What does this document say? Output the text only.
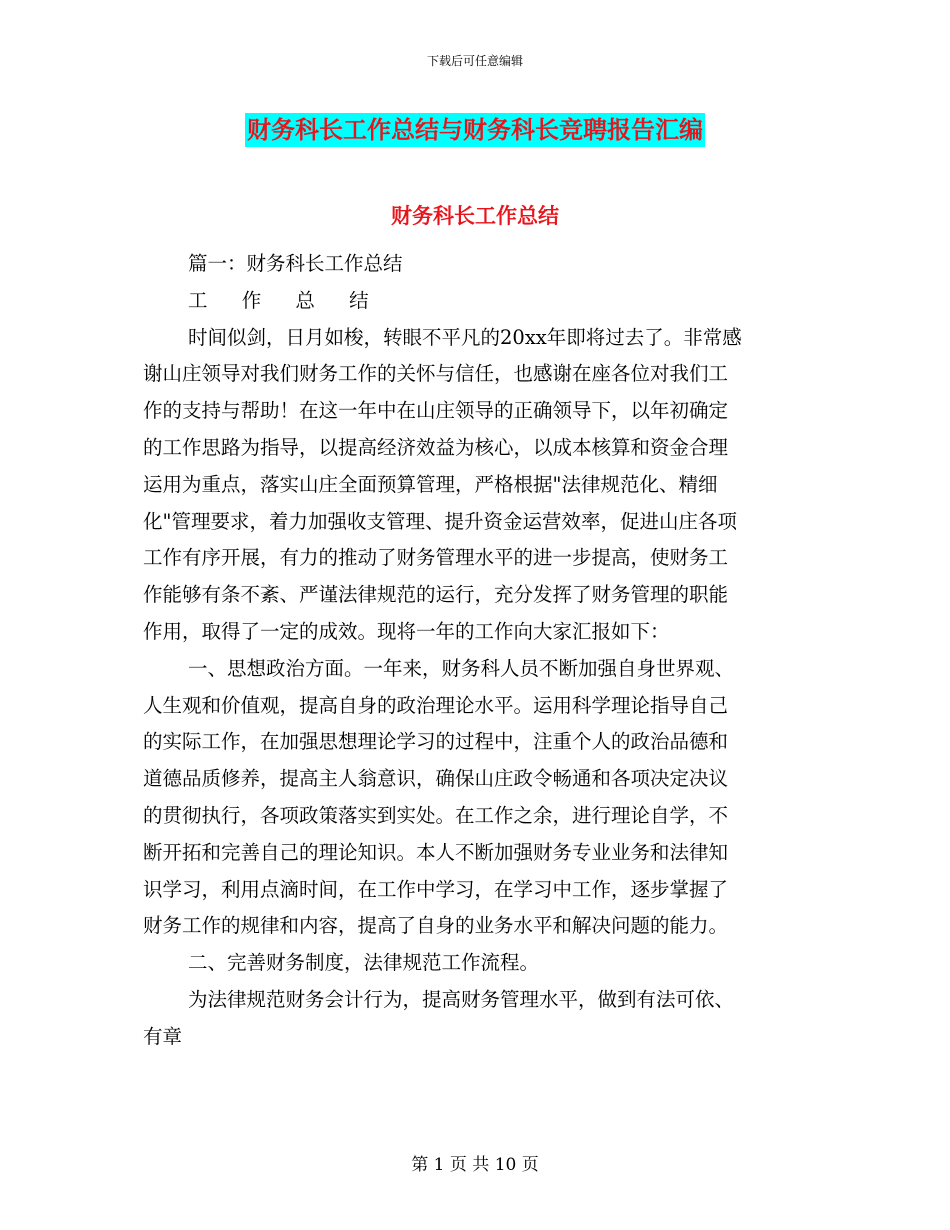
下载后可任意编辑
财务科长工作总结与财务科长竞聘报告汇编
财务科长工作总结
篇一：财务科长工作总结
工 作 总 结
时间似剑，日月如梭，转眼不平凡的20xx年即将过去了。非常感
谢山庄领导对我们财务工作的关怀与信任，也感谢在座各位对我们工
作的支持与帮助！在这一年中在山庄领导的正确领导下，以年初确定
的工作思路为指导，以提高经济效益为核心，以成本核算和资金合理
运用为重点，落实山庄全面预算管理，严格根据"法律规范化、精细
化"管理要求，着力加强收支管理、提升资金运营效率，促进山庄各项
工作有序开展，有力的推动了财务管理水平的进一步提高，使财务工
作能够有条不紊、严谨法律规范的运行，充分发挥了财务管理的职能
作用，取得了一定的成效。现将一年的工作向大家汇报如下：
一、思想政治方面。一年来，财务科人员不断加强自身世界观、
人生观和价值观，提高自身的政治理论水平。运用科学理论指导自己
的实际工作，在加强思想理论学习的过程中，注重个人的政治品德和
道德品质修养，提高主人翁意识，确保山庄政令畅通和各项决定决议
的贯彻执行，各项政策落实到实处。在工作之余，进行理论自学，不
断开拓和完善自己的理论知识。本人不断加强财务专业业务和法律知
识学习，利用点滴时间，在工作中学习，在学习中工作，逐步掌握了
财务工作的规律和内容，提高了自身的业务水平和解决问题的能力。
二、完善财务制度，法律规范工作流程。
为法律规范财务会计行为，提高财务管理水平，做到有法可依、
有章
第 1 页 共 10 页
